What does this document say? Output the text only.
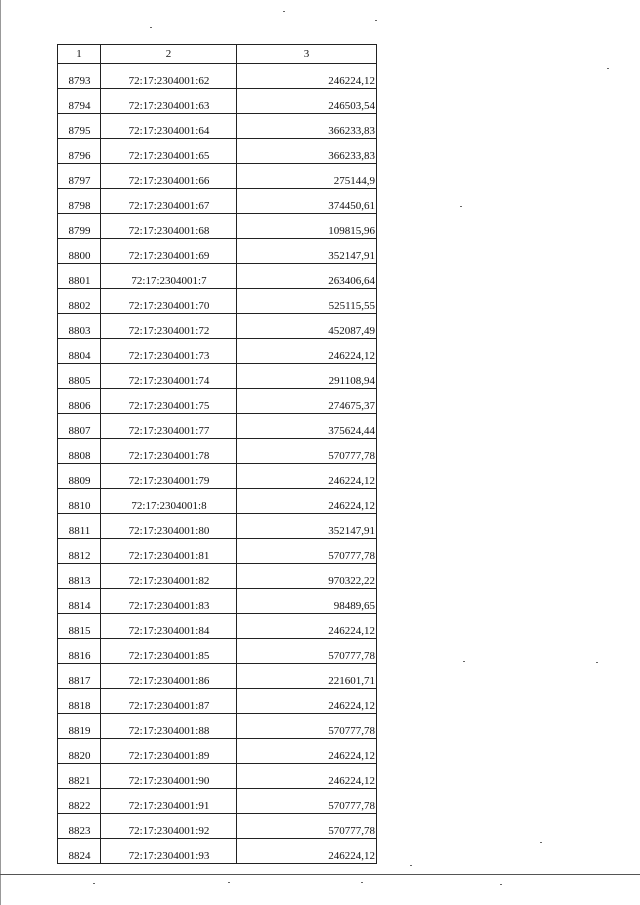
1	2	3
8793	72:17:2304001:62	246224,12
8794	72:17:2304001:63	246503,54
8795	72:17:2304001:64	366233,83
8796	72:17:2304001:65	366233,83
8797	72:17:2304001:66	275144,9
8798	72:17:2304001:67	374450,61
8799	72:17:2304001:68	109815,96
8800	72:17:2304001:69	352147,91
8801	72:17:2304001:7	263406,64
8802	72:17:2304001:70	525115,55
8803	72:17:2304001:72	452087,49
8804	72:17:2304001:73	246224,12
8805	72:17:2304001:74	291108,94
8806	72:17:2304001:75	274675,37
8807	72:17:2304001:77	375624,44
8808	72:17:2304001:78	570777,78
8809	72:17:2304001:79	246224,12
8810	72:17:2304001:8	246224,12
8811	72:17:2304001:80	352147,91
8812	72:17:2304001:81	570777,78
8813	72:17:2304001:82	970322,22
8814	72:17:2304001:83	98489,65
8815	72:17:2304001:84	246224,12
8816	72:17:2304001:85	570777,78
8817	72:17:2304001:86	221601,71
8818	72:17:2304001:87	246224,12
8819	72:17:2304001:88	570777,78
8820	72:17:2304001:89	246224,12
8821	72:17:2304001:90	246224,12
8822	72:17:2304001:91	570777,78
8823	72:17:2304001:92	570777,78
8824	72:17:2304001:93	246224,12
